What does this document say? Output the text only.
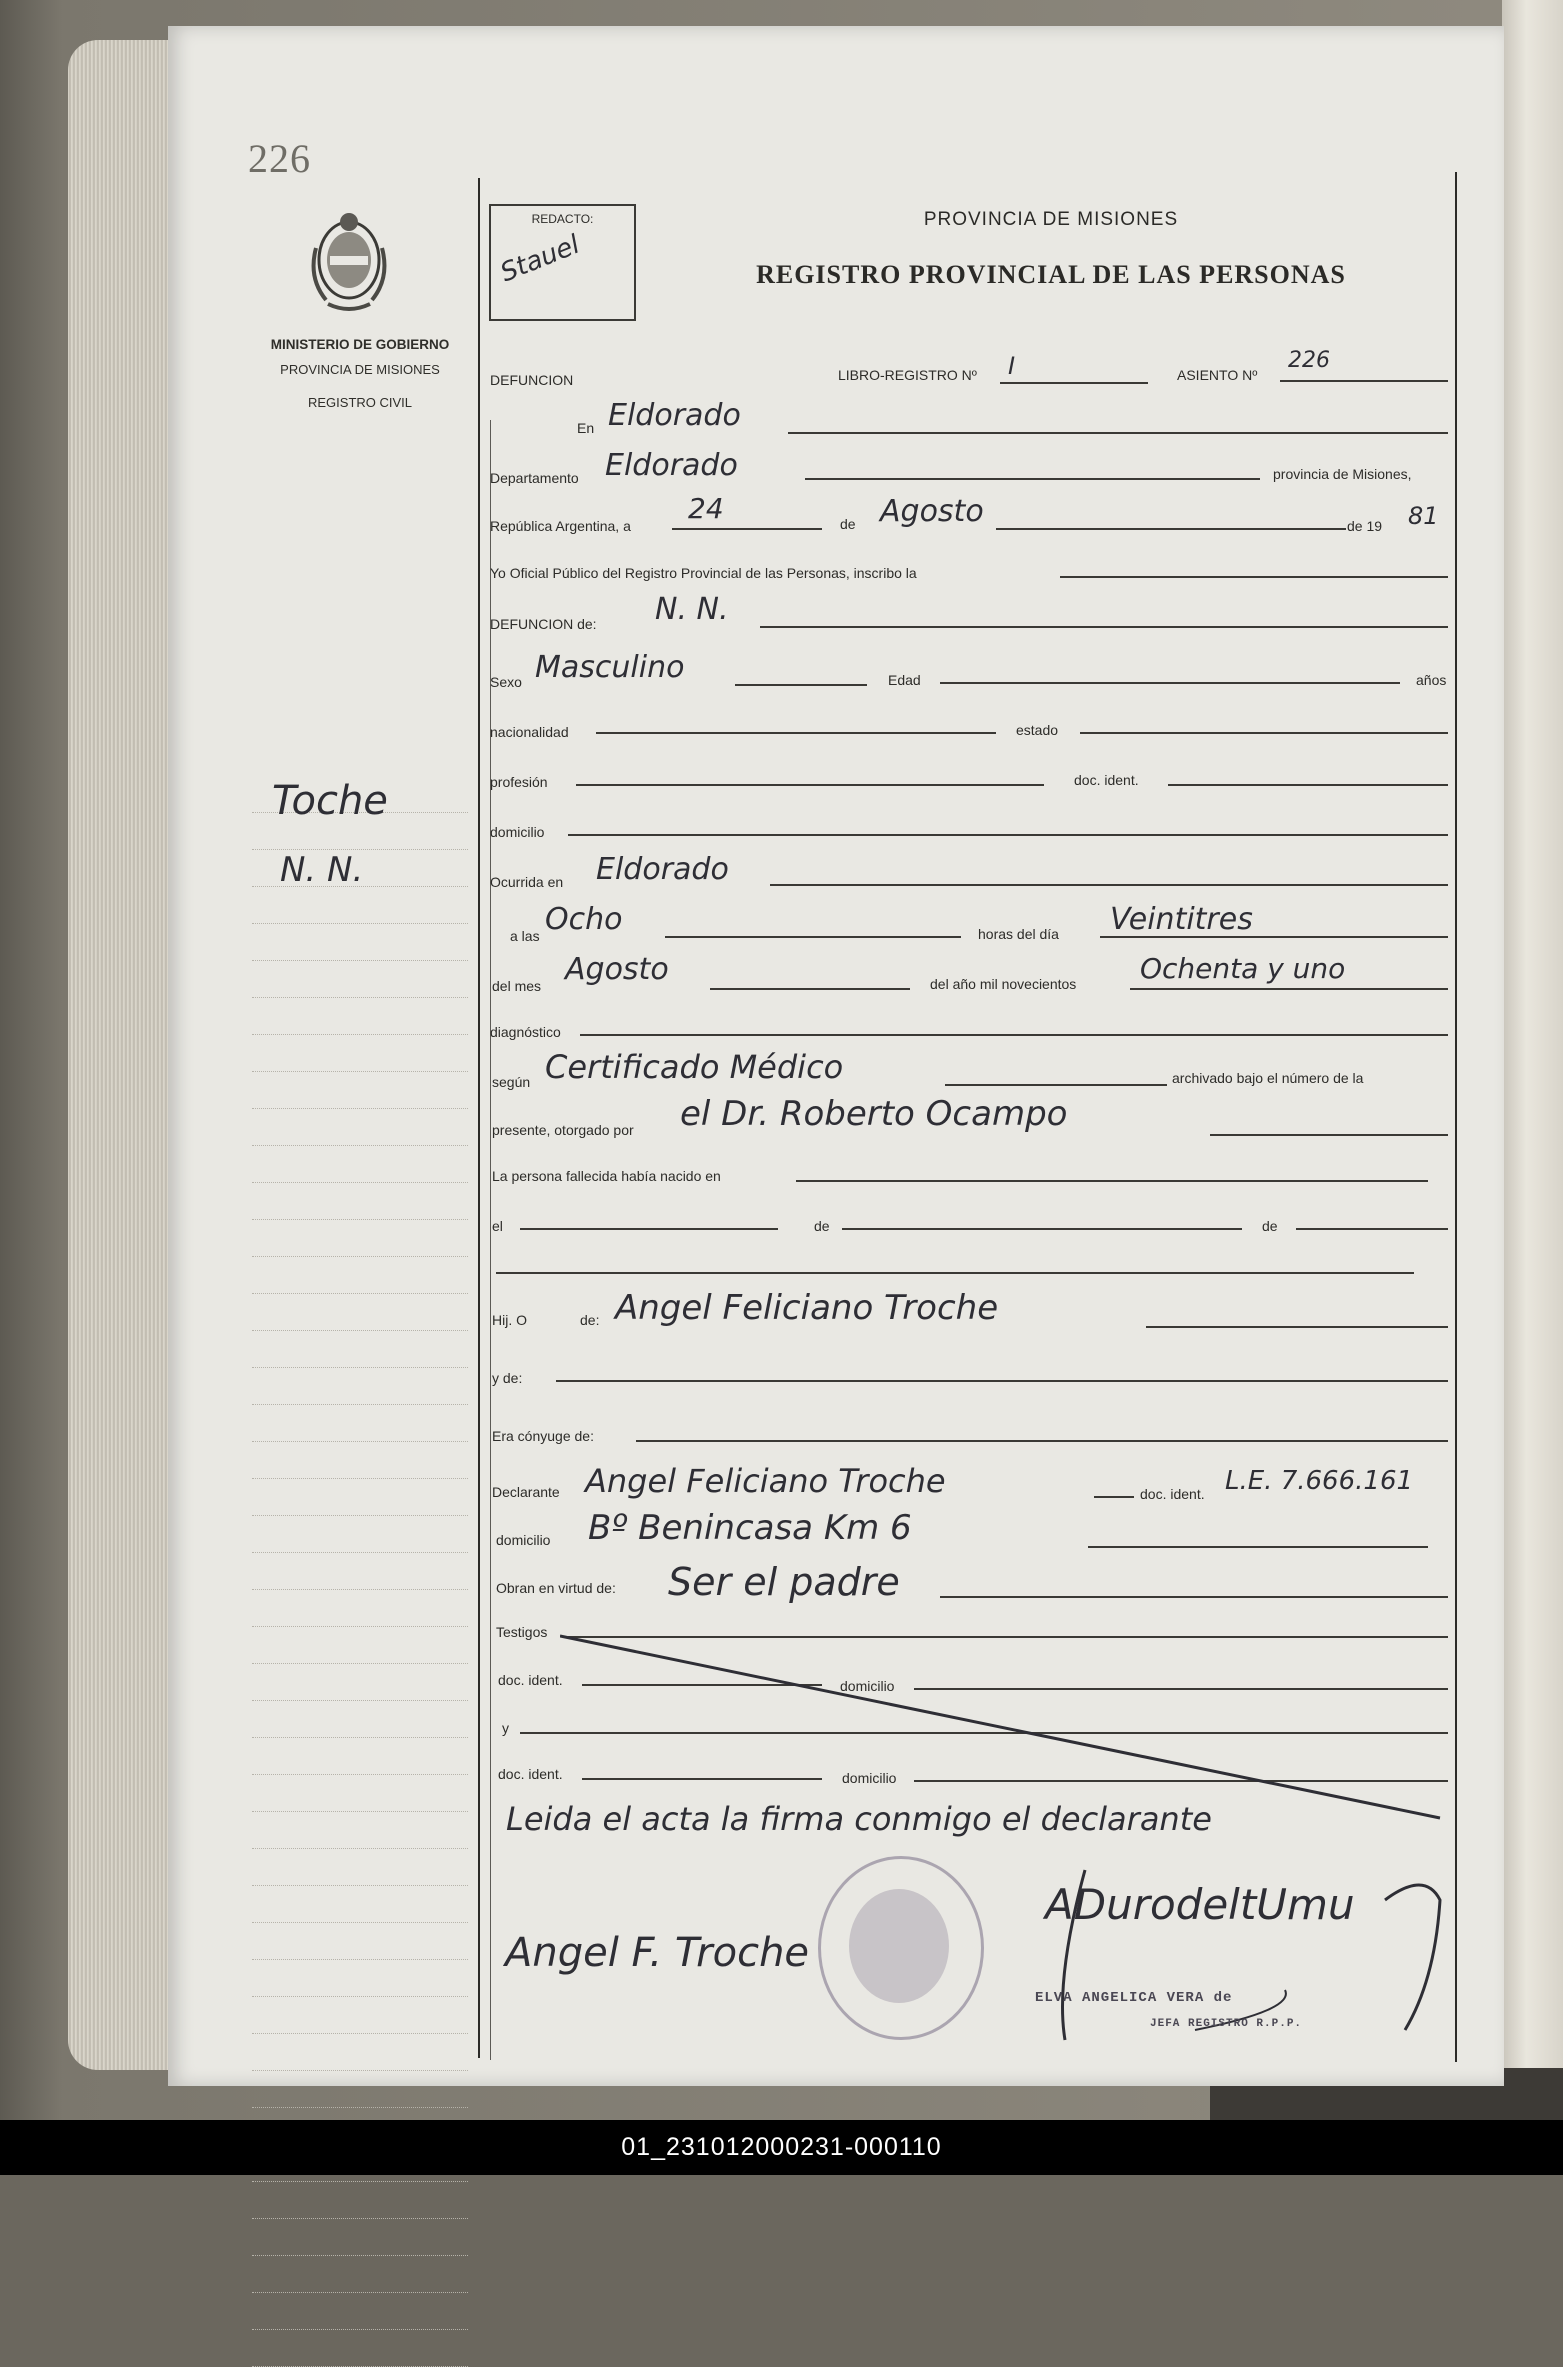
226
MINISTERIO DE GOBIERNO
PROVINCIA DE MISIONES
REGISTRO CIVIL
Toche
N. N.
REDACTO:
Stauel
PROVINCIA DE MISIONES
REGISTRO PROVINCIAL DE LAS PERSONAS
DEFUNCION	LIBRO-REGISTRO Nº I	ASIENTO Nº
226
En Eldorado
Departamento Eldorado	provincia de Misiones,
República Argentina, a
24	de Agosto	de 19 81
Yo Oficial Público del Registro Provincial de las Personas, inscribo la
DEFUNCION de: N. N.
Sexo Masculino	Edad	años
nacionalidad	estado
profesión	doc. ident.
domicilio
Ocurrida en Eldorado
a las Ocho	horas del día Veintitres
del mes Agosto	del año mil novecientos Ochenta y uno
diagnóstico
según Certificado Médico	archivado bajo el número de la
presente, otorgado por el Dr. Roberto Ocampo
La persona fallecida había nacido en
el	de	de
Hij. O	de: Angel Feliciano Troche
y de:
Era cónyuge de:
Declarante Angel Feliciano Troche	doc. ident. L.E. 7.666.161
domicilio Bº Benincasa Km 6
Obran en virtud de: Ser el padre
Testigos
doc. ident.	domicilio
y
doc. ident.	domicilio
Leida el acta la firma conmigo el declarante
Angel F. Troche
ADurodeltUmu
ELVA ANGELICA VERA de
JEFA REGISTRO R.P.P.
01_231012000231-000110
